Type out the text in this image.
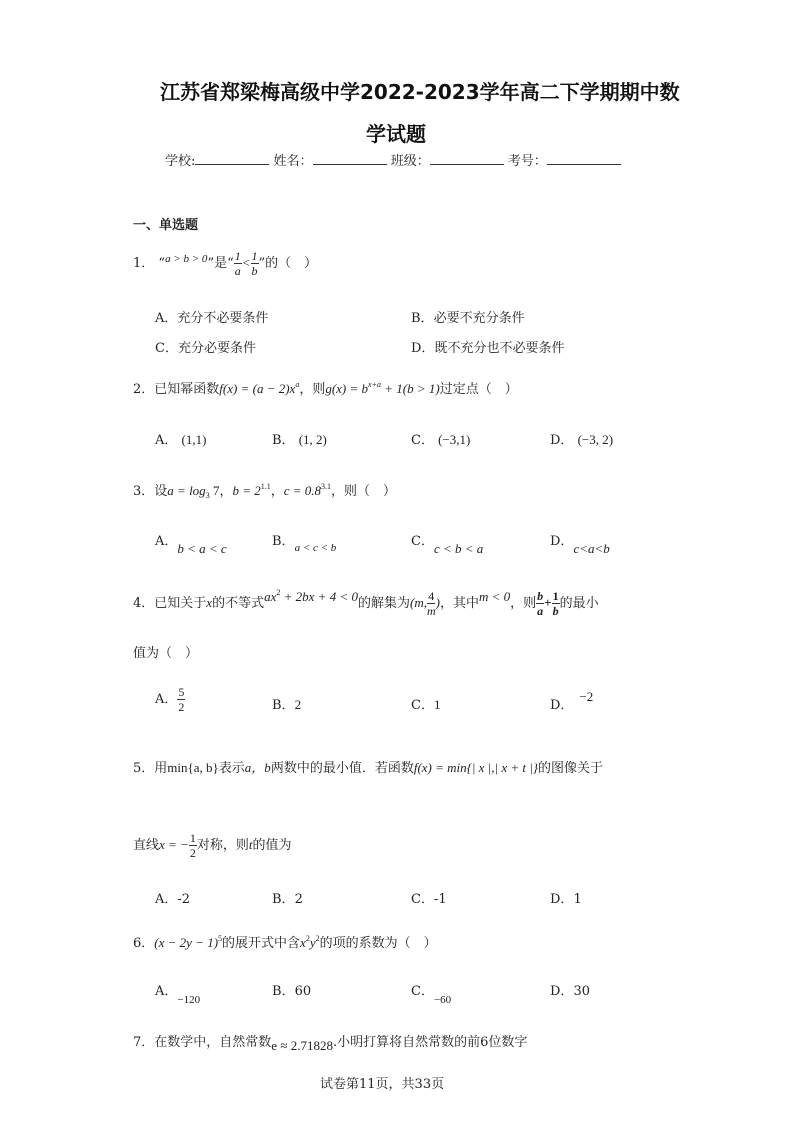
江苏省郑梁梅高级中学2022-2023学年高二下学期期中数
学试题
学校:	姓名：	班级：	考号：
一、单选题
1． “$^{a > b > 0}$”是“ $\frac{1}{a} < \frac{1}{b}$ ”的（　）
A．充分不必要条件	B．必要不充分条件
C．充分必要条件	D．既不充分也不必要条件
2．已知幂函数$f(x) = (a - 2)x^a$，则$g(x) = b^{x+a} + 1(b > 1)$过定点（　）
A． (1,1)	B． (1, 2)	C． (−3,1)	D． (−3, 2)
3．设$a = \log_3 7$，$b = 2^{1.1}$，$c = 0.8^{3.1}$，则（　）
A．b < a < c	B．$_{a < c < b}$	C．c < b < a	D．c<a<b
4．已知关于x的不等式$ax^2 + 2bx + 4 < 0$的解集为(m, $\frac{4}{m}$ )，其中m < 0，则 $\frac{b}{a} + \frac{1}{b}$ 的最小
值为（　）
A． $\frac{5}{2}$	B．2	C．1	D．−2
5．用min{a, b}表示a，b两数中的最小值．若函数f(x) = min{| x |,| x + t |}的图像关于
直线x = − $\frac{1}{2}$ 对称，则t的值为
A．-2	B．2	C．-1	D．1
6．$(x - 2y - 1)^5$的展开式中含$x^2y^2$的项的系数为（　）
A．$_{-120}$
B．60	C．$_{-60}$
D．30
7．在数学中，自然常数e ≈ 2.71828.小明打算将自然常数的前6位数字
试卷第11页，共33页
